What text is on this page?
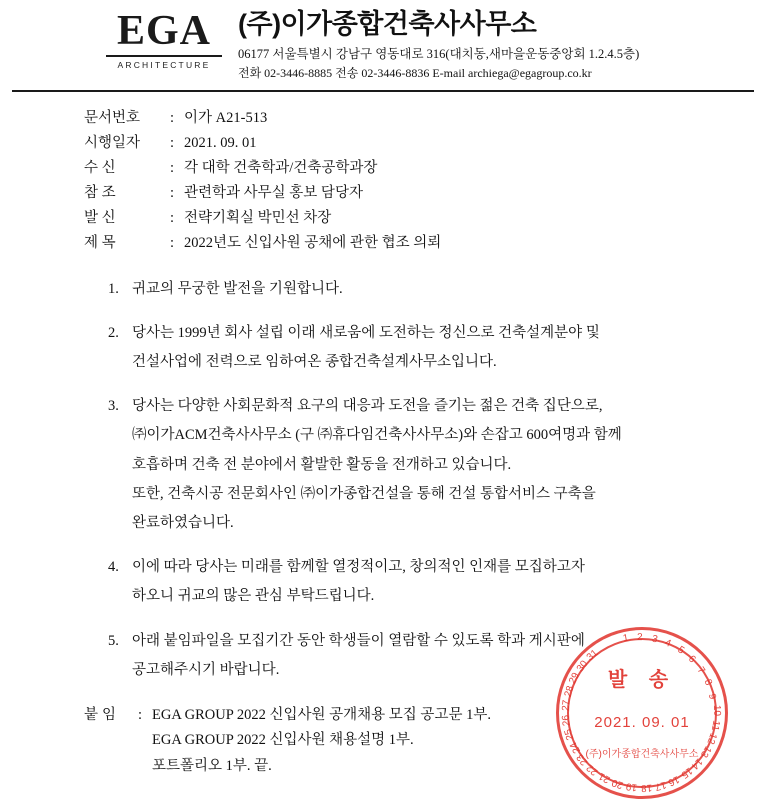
EGA
ARCHITECTURE
(주)이가종합건축사사무소
06177 서울특별시 강남구 영동대로 316(대치동,새마을운동중앙회 1.2.4.5층)
전화 02-3446-8885 전송 02-3446-8836 E-mail archiega@egagroup.co.kr
문서번호	: 이가 A21-513
시행일자	: 2021. 09. 01
수 신	: 각 대학 건축학과/건축공학과장
참 조	: 관련학과 사무실 홍보 담당자
발 신	: 전략기획실 박민선 차장
제 목	: 2022년도 신입사원 공채에 관한 협조 의뢰
1. 귀교의 무궁한 발전을 기원합니다.

2. 당사는 1999년 회사 설립 이래 새로움에 도전하는 정신으로 건축설계분야 및

건설사업에 전력으로 임하여온 종합건축설계사무소입니다.

3. 당사는 다양한 사회문화적 요구의 대응과 도전을 즐기는 젊은 건축 집단으로,

㈜이가ACM건축사사무소 (구 ㈜휴다임건축사사무소)와 손잡고 600여명과 함께

호흡하며 건축 전 분야에서 활발한 활동을 전개하고 있습니다.

또한, 건축시공 전문회사인 ㈜이가종합건설을 통해 건설 통합서비스 구축을

완료하였습니다.

4. 이에 따라 당사는 미래를 함께할 열정적이고, 창의적인 인재를 모집하고자

하오니 귀교의 많은 관심 부탁드립니다.

5. 아래 붙임파일을 모집기간 동안 학생들이 열람할 수 있도록 학과 게시판에

공고해주시기 바랍니다.

붙임	: EGA GROUP 2022 신입사원 공개채용 모집 공고문 1부.
EGA GROUP 2022 신입사원 채용설명 1부.
포트폴리오 1부. 끝.
1 2 3 4
5
6
7
8
9
10
11
12
13
14
15
16
17
18
19
20
21
22
23
24
25
26
27
28
29
30
31
발 송
2021. 09. 01
(주)이가종합건축사사무소
